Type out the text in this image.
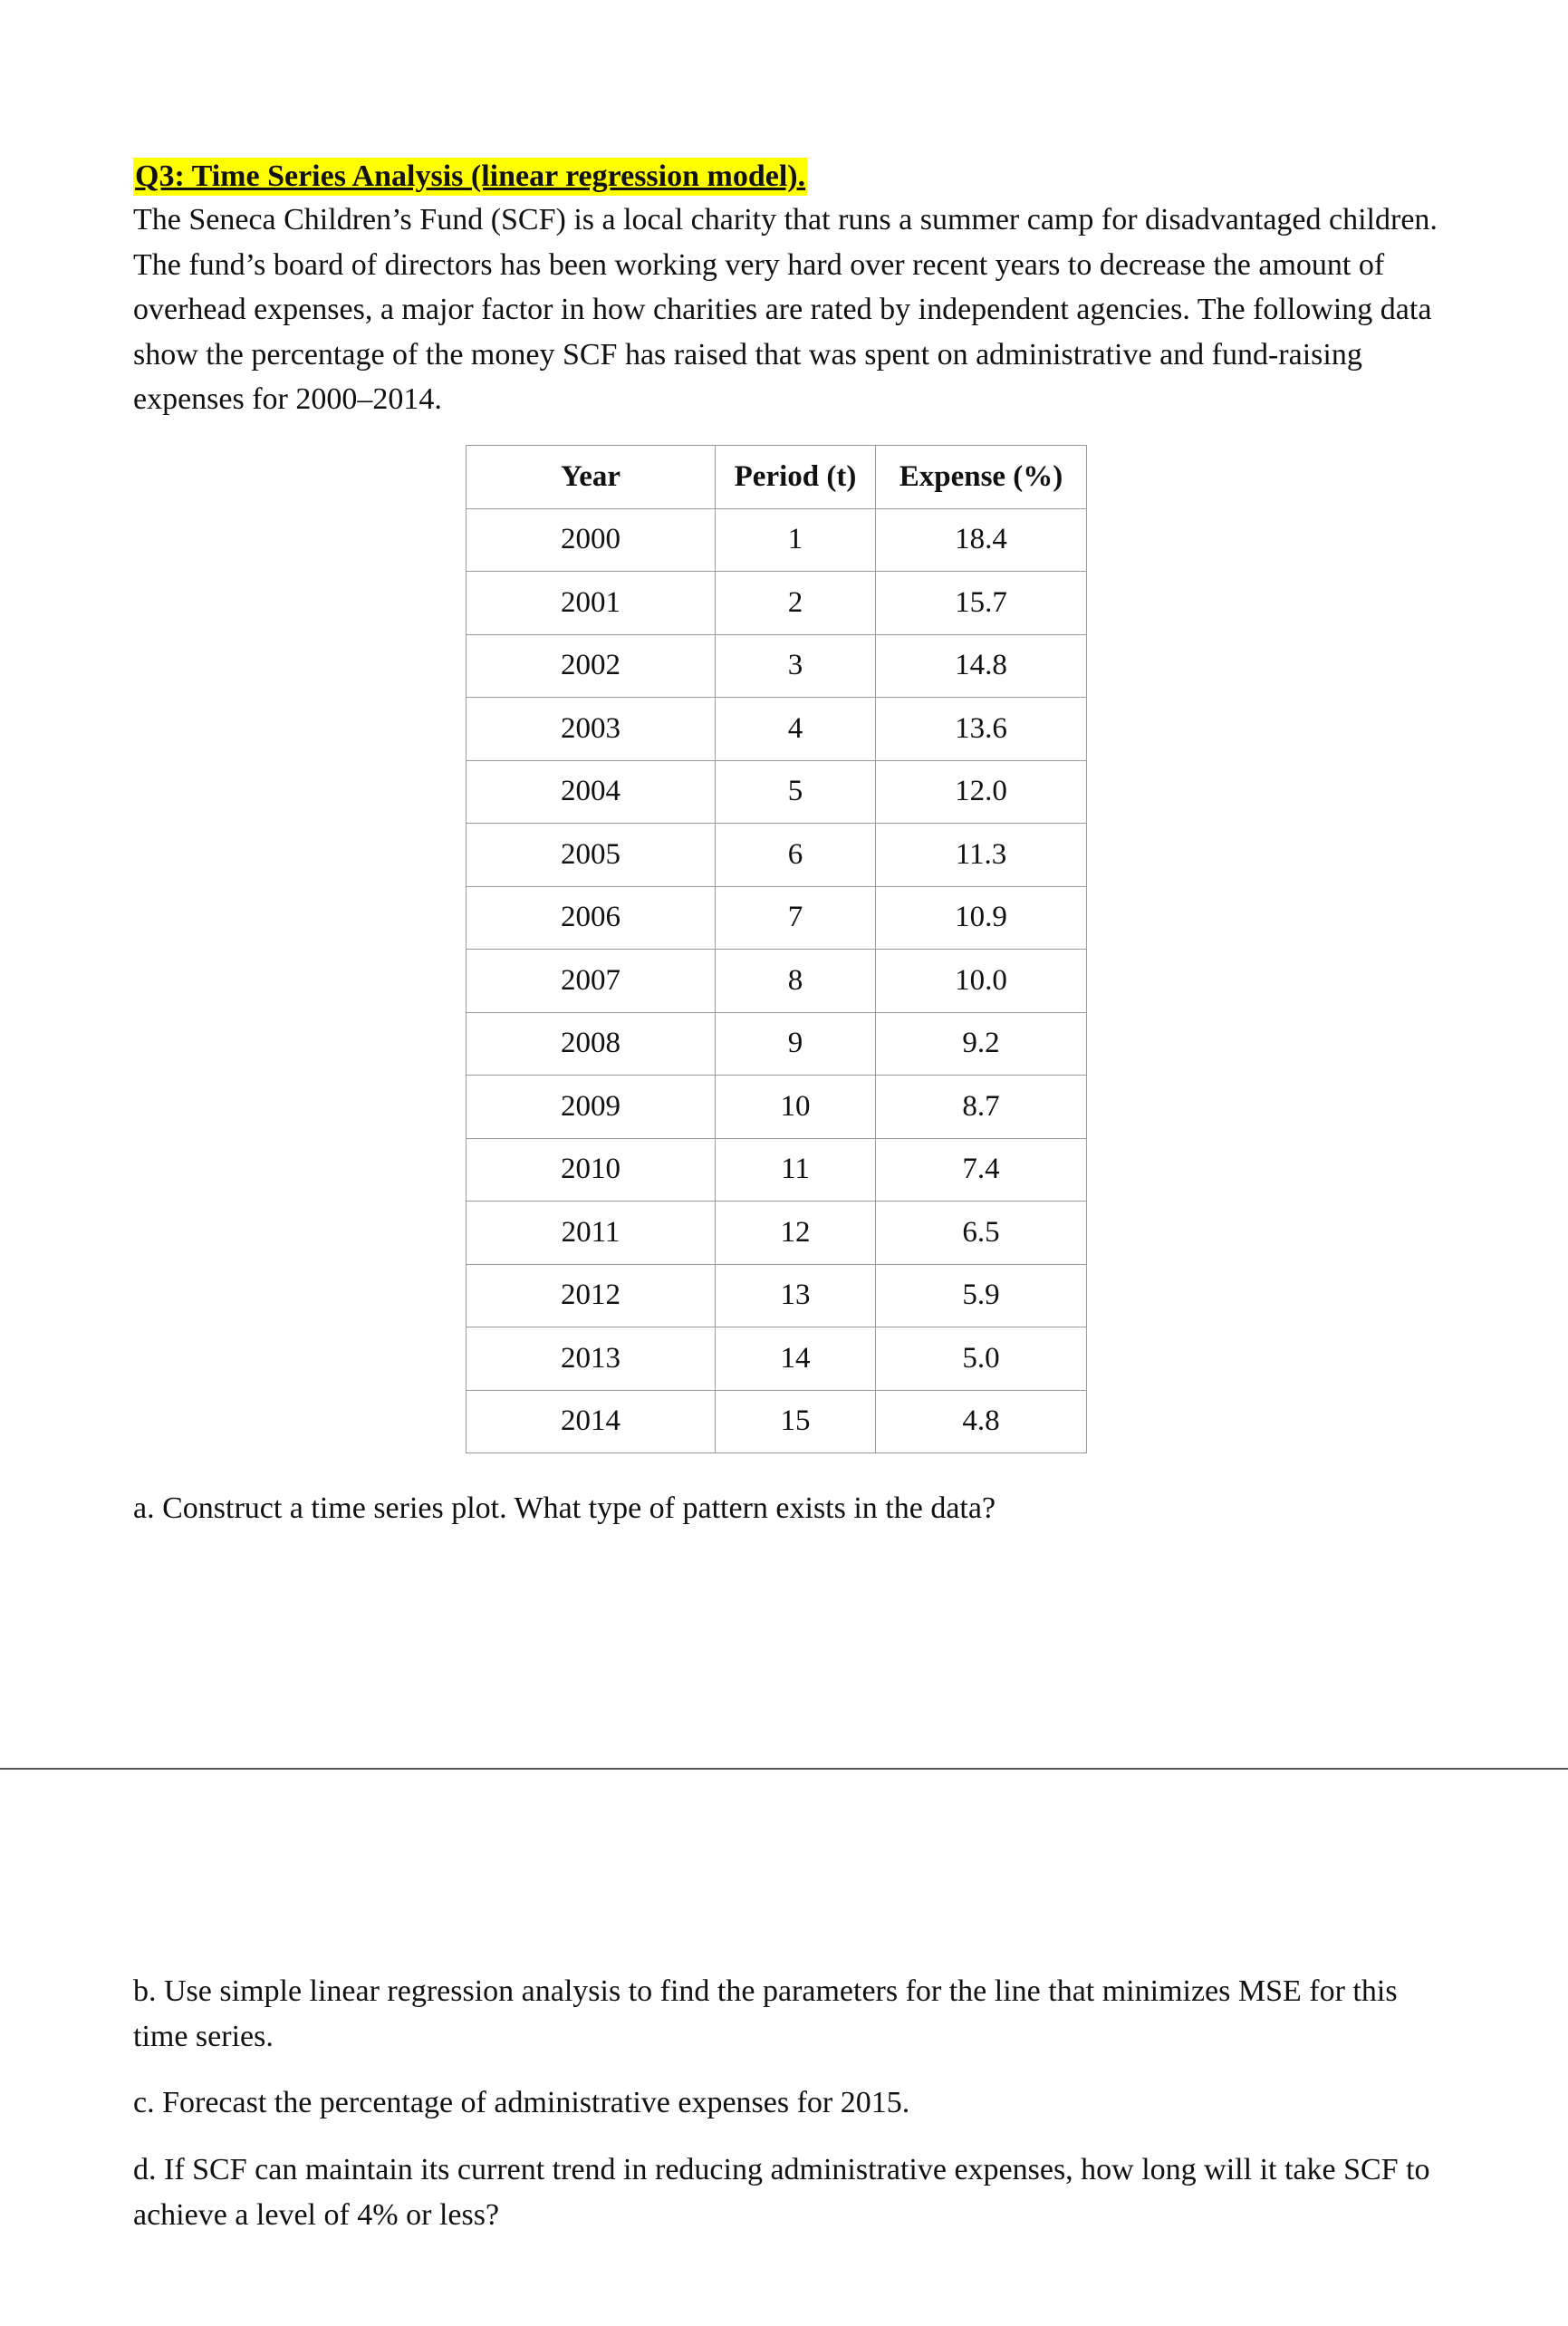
Q3: Time Series Analysis (linear regression model).

The Seneca Children’s Fund (SCF) is a local charity that runs a summer camp for disadvantaged children. The fund’s board of directors has been working very hard over recent years to decrease the amount of overhead expenses, a major factor in how charities are rated by independent agencies. The following data show the percentage of the money SCF has raised that was spent on administrative and fund-raising expenses for 2000–2014.

Year	Period (t)	Expense (%)
2000	1	18.4
2001	2	15.7
2002	3	14.8
2003	4	13.6
2004	5	12.0
2005	6	11.3
2006	7	10.9
2007	8	10.0
2008	9	9.2
2009	10	8.7
2010	11	7.4
2011	12	6.5
2012	13	5.9
2013	14	5.0
2014	15	4.8

a. Construct a time series plot. What type of pattern exists in the data?

b. Use simple linear regression analysis to find the parameters for the line that minimizes MSE for this time series.

c. Forecast the percentage of administrative expenses for 2015.

d. If SCF can maintain its current trend in reducing administrative expenses, how long will it take SCF to achieve a level of 4% or less?
